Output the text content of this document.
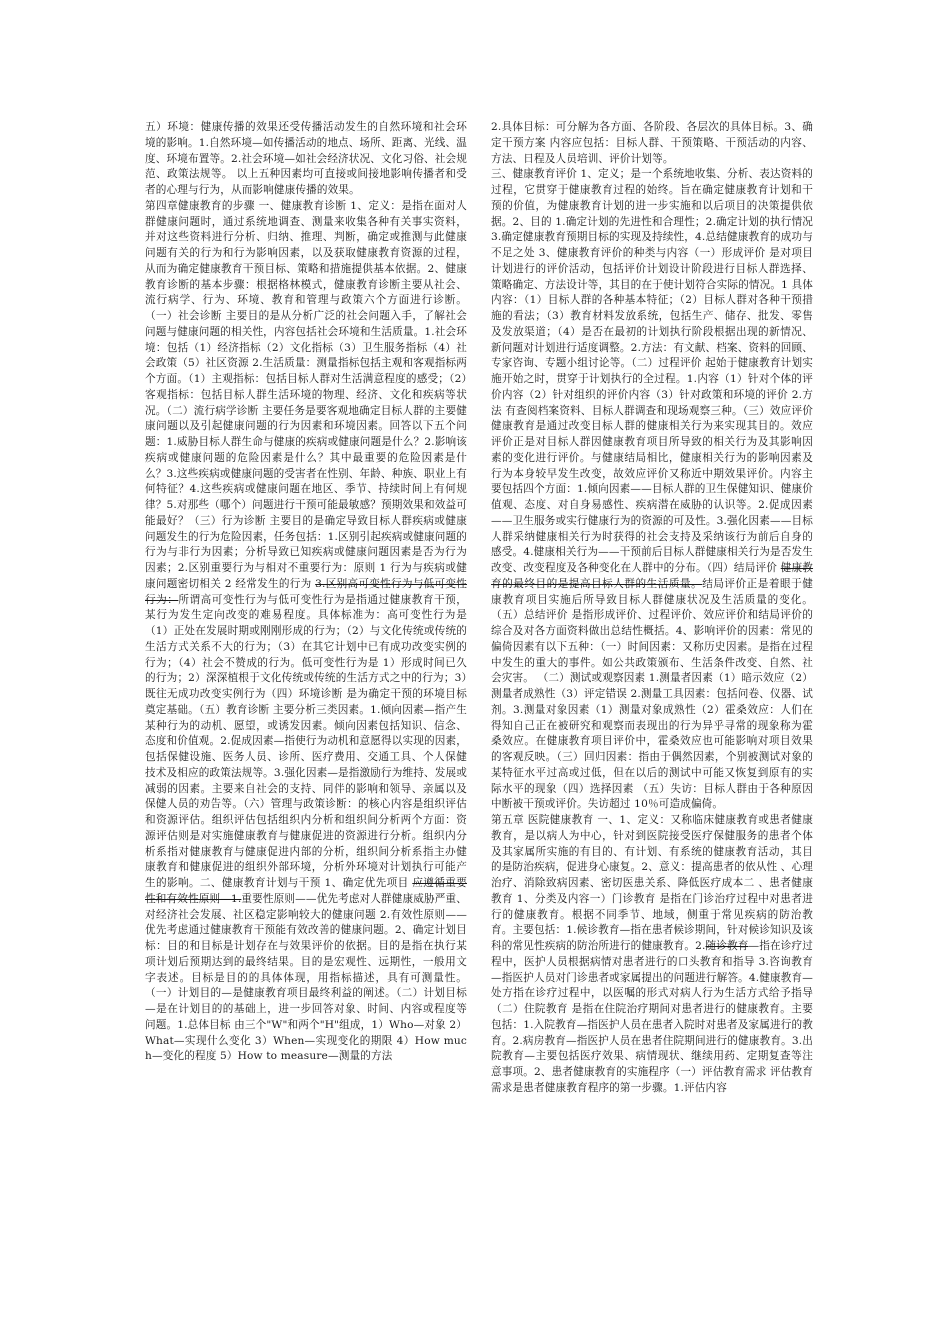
五）环境：健康传播的效果还受传播活动发生的自然环境和社会环境的影响。1.自然环境—如传播活动的地点、场所、距离、光线、温度、环境布置等。2.社会环境—如社会经济状况、文化习俗、社会规范、政策法规等。 以上五种因素均可直接或间接地影响传播者和受者的心理与行为，从而影响健康传播的效果。

第四章健康教育的步骤 一、健康教育诊断 1、定义：是指在面对人群健康问题时，通过系统地调查、测量来收集各种有关事实资料，并对这些资料进行分析、归纳、推理、判断，确定或推测与此健康问题有关的行为和行为影响因素，以及获取健康教育资源的过程，从而为确定健康教育干预目标、策略和措施提供基本依据。2、健康教育诊断的基本步骤：根据格林模式，健康教育诊断主要从社会、流行病学、行为、环境、教育和管理与政策六个方面进行诊断。（一）社会诊断 主要目的是从分析广泛的社会问题入手，了解社会问题与健康问题的相关性，内容包括社会环境和生活质量。1.社会环境：包括（1）经济指标（2）文化指标（3）卫生服务指标（4）社会政策（5）社区资源 2.生活质量：测量指标包括主观和客观指标两个方面。（1）主观指标：包括目标人群对生活满意程度的感受；（2）客观指标：包括目标人群生活环境的物理、经济、文化和疾病等状况。（二）流行病学诊断 主要任务是要客观地确定目标人群的主要健康问题以及引起健康问题的行为因素和环境因素。回答以下五个问题：1.威胁目标人群生命与健康的疾病或健康问题是什么？2.影响该疾病或健康问题的危险因素是什么？其中最重要的危险因素是什么？3.这些疾病或健康问题的受害者在性别、年龄、种族、职业上有何特征？4.这些疾病或健康问题在地区、季节、持续时间上有何规律？5.对那些（哪个）问题进行干预可能最敏感？预期效果和效益可能最好？（三）行为诊断 主要目的是确定导致目标人群疾病或健康问题发生的行为危险因素，任务包括：1.区别引起疾病或健康问题的行为与非行为因素；分析导致已知疾病或健康问题因素是否为行为因素；2.区别重要行为与相对不重要行为：原则 1 行为与疾病或健康问题密切相关 2 经常发生的行为 3.区别高可变性行为与低可变性行为：所谓高可变性行为与低可变性行为是指通过健康教育干预，某行为发生定向改变的难易程度。具体标准为：高可变性行为是（1）正处在发展时期或刚刚形成的行为；（2）与文化传统或传统的生活方式关系不大的行为；（3）在其它计划中已有成功改变实例的行为；（4）社会不赞成的行为。低可变性行为是 1）形成时间已久的行为；2）深深植根于文化传统或传统的生活方式之中的行为；3）既往无成功改变实例行为（四）环境诊断 是为确定干预的环境目标奠定基础。（五）教育诊断 主要分析三类因素。1.倾向因素—指产生某种行为的动机、愿望，或诱发因素。倾向因素包括知识、信念、态度和价值观。2.促成因素—指使行为动机和意愿得以实现的因素，包括保健设施、医务人员、诊所、医疗费用、交通工具、个人保健技术及相应的政策法规等。3.强化因素—是指激励行为维持、发展或减弱的因素。主要来自社会的支持、同伴的影响和领导、亲属以及保健人员的劝告等。（六）管理与政策诊断：的核心内容是组织评估和资源评估。组织评估包括组织内分析和组织间分析两个方面：资源评估则是对实施健康教育与健康促进的资源进行分析。组织内分析系指对健康教育与健康促进内部的分析，组织间分析系指主办健康教育和健康促进的组织外部环境，分析外环境对计划执行可能产生的影响。二、健康教育计划与干预 1、确定优先项目 应遵循重要性和有效性原则—1.重要性原则——优先考虑对人群健康威胁严重、对经济社会发展、社区稳定影响较大的健康问题 2.有效性原则——优先考虑通过健康教育干预能有效改善的健康问题。2、确定计划目标：目的和目标是计划存在与效果评价的依据。目的是指在执行某项计划后预期达到的最终结果。目的是宏观性、远期性，一般用文字表述。目标是目的的具体体现，用指标描述，具有可测量性。（一）计划目的—是健康教育项目最终利益的阐述。（二）计划目标—是在计划目的的基础上，进一步回答对象、时间、内容或程度等问题。1.总体目标 由三个"W"和两个"H"组成，1）Who—对象 2）What—实现什么变化 3）When—实现变化的期限 4）How much—变化的程度 5）How to measure—测量的方法

2.具体目标：可分解为各方面、各阶段、各层次的具体目标。3、确定干预方案 内容应包括：目标人群、干预策略、干预活动的内容、方法、日程及人员培训、评价计划等。

三、健康教育评价 1、定义；是一个系统地收集、分析、表达资料的过程，它贯穿于健康教育过程的始终。旨在确定健康教育计划和干预的价值，为健康教育计划的进一步实施和以后项目的决策提供依据。2、目的 1.确定计划的先进性和合理性；2.确定计划的执行情况 3.确定健康教育预期目标的实现及持续性，4.总结健康教育的成功与不足之处 3、健康教育评价的种类与内容（一）形成评价 是对项目计划进行的评价活动，包括评价计划设计阶段进行目标人群选择、策略确定、方法设计等，其目的在于使计划符合实际的情况。1 具体内容：（1）目标人群的各种基本特征；（2）目标人群对各种干预措施的看法；（3）教育材料发放系统，包括生产、储存、批发、零售及发放渠道；（4）是否在最初的计划执行阶段根据出现的新情况、新问题对计划进行适度调整。2.方法：有文献、档案、资料的回顾、专家咨询、专题小组讨论等。（二）过程评价 起始于健康教育计划实施开始之时，贯穿于计划执行的全过程。1.内容（1）针对个体的评价内容（2）针对组织的评价内容（3）针对政策和环境的评价 2.方法 有查阅档案资料、目标人群调查和现场观察三种。（三）效应评价 健康教育是通过改变目标人群的健康相关行为来实现其目的。效应评价正是对目标人群因健康教育项目所导致的相关行为及其影响因素的变化进行评价。与健康结局相比，健康相关行为的影响因素及行为本身较早发生改变，故效应评价又称近中期效果评价。内容主要包括四个方面：1.倾向因素——目标人群的卫生保健知识、健康价值观、态度、对自身易感性、疾病潜在威胁的认识等。2.促成因素——卫生服务或实行健康行为的资源的可及性。3.强化因素——目标人群采纳健康相关行为时获得的社会支持及采纳该行为前后自身的感受。4.健康相关行为——干预前后目标人群健康相关行为是否发生改变、改变程度及各种变化在人群中的分布。（四）结局评价 健康教育的最终目的是提高目标人群的生活质量。结局评价正是着眼于健康教育项目实施后所导致目标人群健康状况及生活质量的变化。（五）总结评价 是指形成评价、过程评价、效应评价和结局评价的综合及对各方面资料做出总结性概括。4、影响评价的因素：常见的偏倚因素有以下五种：（一）时间因素：又称历史因素。是指在过程中发生的重大的事件。如公共政策颁布、生活条件改变、自然、社会灾害。 （二）测试或观察因素 1.测量者因素（1）暗示效应（2）测量者成熟性（3）评定错误 2.测量工具因素：包括问卷、仪器、试剂。3.测量对象因素（1）测量对象成熟性（2）霍桑效应：人们在得知自己正在被研究和观察而表现出的行为异乎寻常的现象称为霍桑效应。在健康教育项目评价中，霍桑效应也可能影响对项目效果的客观反映。（三）回归因素：指由于偶然因素，个别被测试对象的某特征水平过高或过低，但在以后的测试中可能又恢复到原有的实际水平的现象（四）选择因素 （五）失访：目标人群由于各种原因中断被干预或评价。失访超过 10％可造成偏倚。

第五章 医院健康教育 一、1、定义：又称临床健康教育或患者健康教育，是以病人为中心，针对到医院接受医疗保健服务的患者个体及其家属所实施的有目的、有计划、有系统的健康教育活动，其目的是防治疾病，促进身心康复。2、意义：提高患者的依从性 、心理治疗、消除致病因素、密切医患关系、降低医疗成本二 、患者健康教育 1、分类及内容一）门诊教育 是指在门诊治疗过程中对患者进行的健康教育。根据不同季节、地域，侧重于常见疾病的防治教育。主要包括：1.候诊教育—指在患者候诊期间，针对候诊知识及该科的常见性疾病的防治所进行的健康教育。2.随诊教育—指在诊疗过程中，医护人员根据病情对患者进行的口头教育和指导 3.咨询教育—指医护人员对门诊患者或家属提出的问题进行解答。4.健康教育—处方指在诊疗过程中，以医嘱的形式对病人行为生活方式给予指导（二）住院教育 是指在住院治疗期间对患者进行的健康教育。主要包括：1.入院教育—指医护人员在患者入院时对患者及家属进行的教育。2.病房教育—指医护人员在患者住院期间进行的健康教育。3.出院教育—主要包括医疗效果、病情现状、继续用药、定期复查等注意事项。2、患者健康教育的实施程序（一）评估教育需求 评估教育需求是患者健康教育程序的第一步骤。1.评估内容
